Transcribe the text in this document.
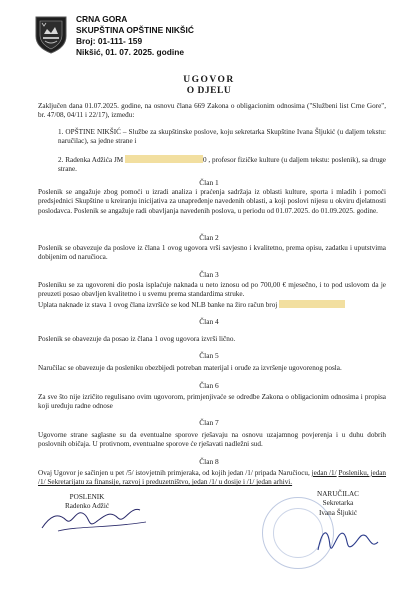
CRNA GORA
SKUPŠTINA OPŠTINE NIKŠIĆ
Broj: 01-111- 159
Nikšić, 01. 07. 2025. godine
UGOVOR
O DJELU
Zaključen dana 01.07.2025. godine, na osnovu člana 669 Zakona o obligacionim odnosima ("Službeni list Crne Gore", br. 47/08, 04/11 i 22/17), između:
1. OPŠTINE NIKŠIĆ – Službe za skupštinske poslove, koju sekretarka Skupštine Ivana Šljukić (u daljem tekstu: naručilac), sa jedne strane i
2. Radenka Adžića JM	0 , profesor fizičke kulture (u daljem tekstu: poslenik), sa druge strane.
Član 1
Poslenik se angažuje zbog pomoći u izradi analiza i praćenja sadržaja iz oblasti kulture, sporta i mladih i pomoći predsjednici Skupštine u kreiranju inicijativa za unapređenje navedenih oblasti, a koji poslovi nijesu u okviru djelatnosti poslodavca. Poslenik se angažuje radi obavljanja navedenih poslova, u periodu od 01.07.2025. do 01.09.2025. godine.
Član 2
Poslenik se obavezuje da poslove iz člana 1 ovog ugovora vrši savjesno i kvalitetno, prema opisu, zadatku i uputstvima dobijenim od naručioca.
Član 3
Posleniku se za ugovoreni dio posla isplaćuje naknada u neto iznosu od po 700,00 € mjesečno, i to pod uslovom da je preuzeti posao obavljen kvalitetno i u svemu prema standardima struke.
Uplata naknade iz stava 1 ovog člana izvršiće se kod NLB banke na žiro račun broj
Član 4
Poslenik se obavezuje da posao iz člana 1 ovog ugovora izvrši lično.
Član 5
Naručilac se obavezuje da posleniku obezbijedi potreban materijal i oruđe za izvršenje ugovorenog posla.
Član 6
Za sve što nije izričito regulisano ovim ugovorom, primjenjivaće se odredbe Zakona o obligacionim odnosima i propisa koji uređuju radne odnose
Član 7
Ugovorne strane saglasne su da eventualne sporove rješavaju na osnovu uzajamnog povjerenja i u duhu dobrih poslovnih običaja. U protivnom, eventualne sporove će rješavati nadležni sud.
Član 8
Ovaj Ugovor je sačinjen u pet /5/ istovjetnih primjeraka, od kojih jedan /1/ pripada Naručiocu, jedan /1/ Posleniku, jedan /1/ Sekretarijatu za finansije, razvoj i preduzetništvo, jedan /1/ u dosije i /1/ jedan arhivi.
POSLENIK
Radenko Adžić
NARUČILAC
Sekretarka
Ivana Šljukić
